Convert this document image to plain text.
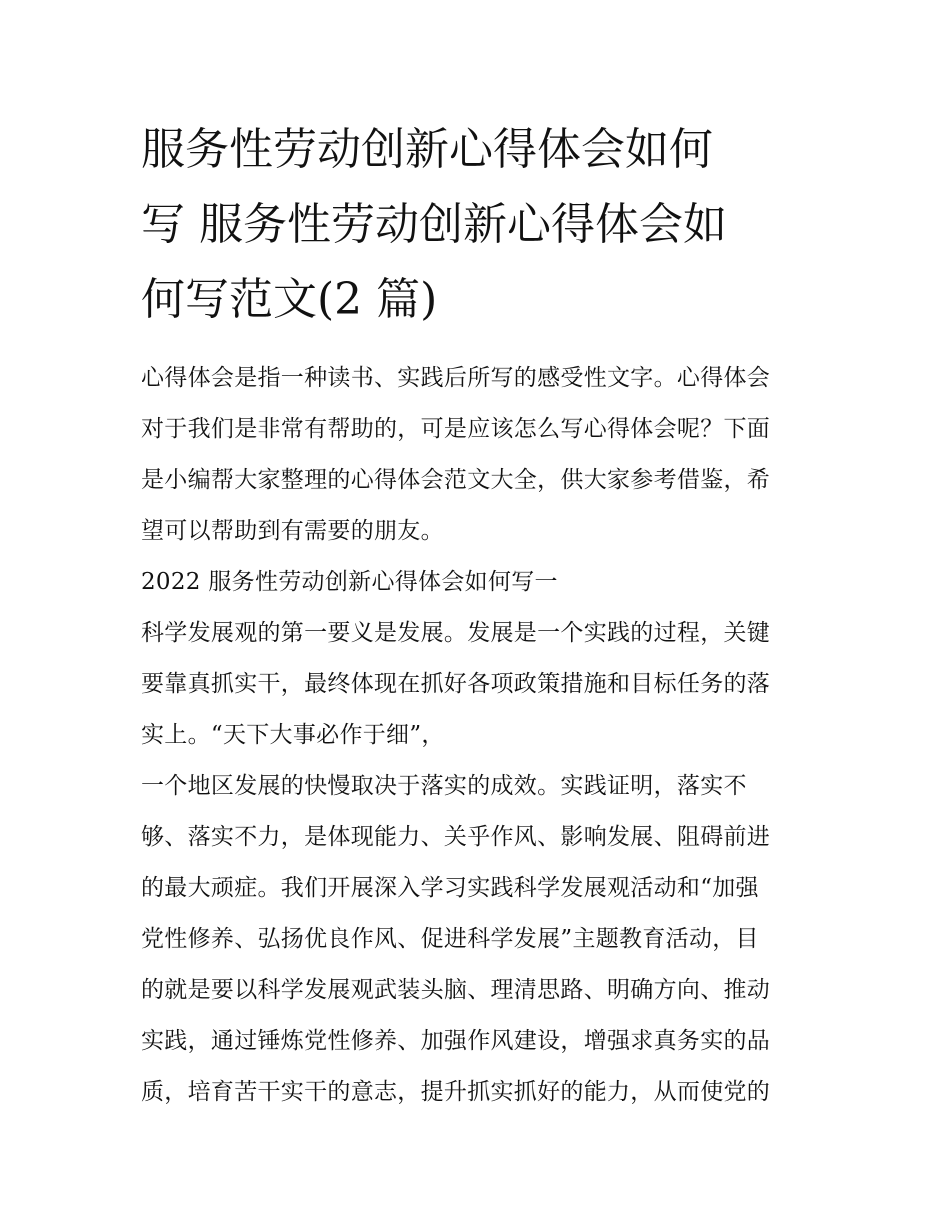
服务性劳动创新心得体会如何
写 服务性劳动创新心得体会如
何写范文(2 篇)
心得体会是指一种读书、实践后所写的感受性文字。心得体会
对于我们是非常有帮助的，可是应该怎么写心得体会呢？下面
是小编帮大家整理的心得体会范文大全，供大家参考借鉴，希
望可以帮助到有需要的朋友。
2022 服务性劳动创新心得体会如何写一
科学发展观的第一要义是发展。发展是一个实践的过程，关键
要靠真抓实干，最终体现在抓好各项政策措施和目标任务的落
实上。“天下大事必作于细”，
一个地区发展的快慢取决于落实的成效。实践证明，落实不
够、落实不力，是体现能力、关乎作风、影响发展、阻碍前进
的最大顽症。我们开展深入学习实践科学发展观活动和“加强
党性修养、弘扬优良作风、促进科学发展”主题教育活动，目
的就是要以科学发展观武装头脑、理清思路、明确方向、推动
实践，通过锤炼党性修养、加强作风建设，增强求真务实的品
质，培育苦干实干的意志，提升抓实抓好的能力，从而使党的
